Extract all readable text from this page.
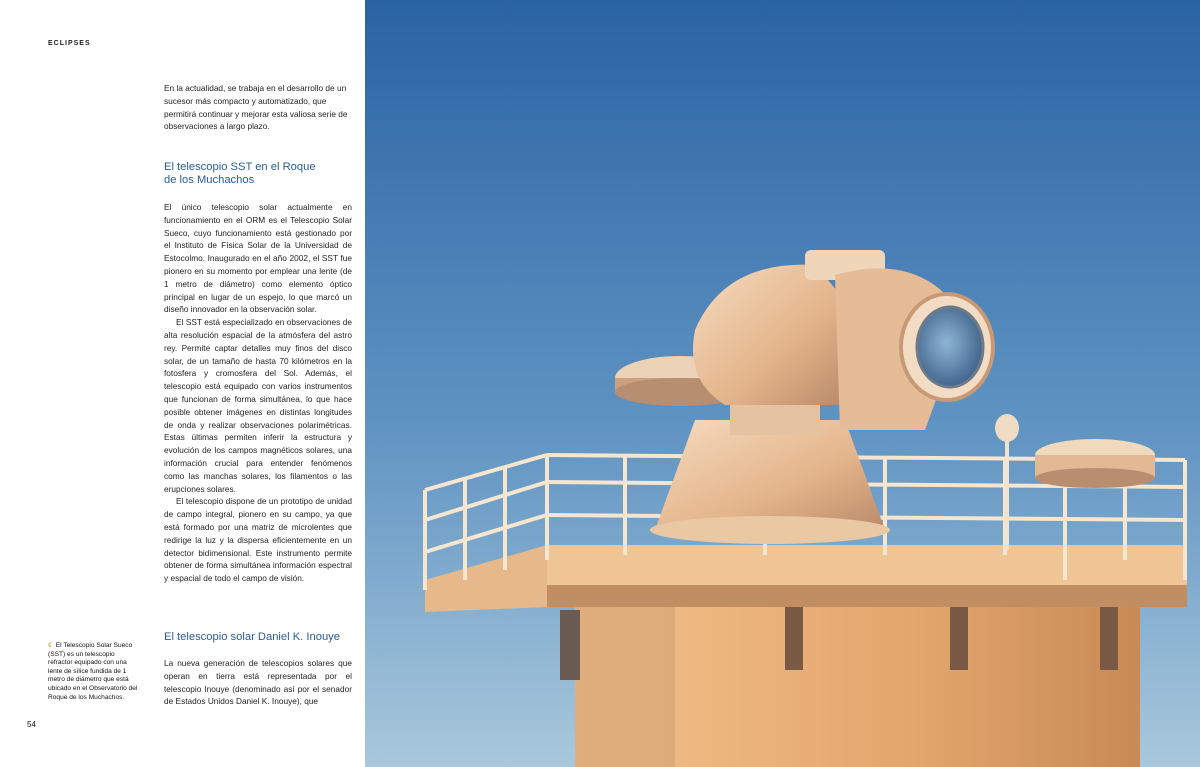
ECLIPSES

En la actualidad, se trabaja en el desarrollo de un sucesor más compacto y automatizado, que permitirá continuar y mejorar esta valiosa serie de observaciones a largo plazo.

El telescopio SST en el Roque
de los Muchachos

El único telescopio solar actualmente en funcionamiento en el ORM es el Telescopio Solar Sueco, cuyo funcionamiento está gestionado por el Instituto de Física Solar de la Universidad de Estocolmo. Inaugurado en el año 2002, el SST fue pionero en su momento por emplear una lente (de 1 metro de diámetro) como elemento óptico principal en lugar de un espejo, lo que marcó un diseño innovador en la observación solar.

El SST está especializado en observaciones de alta resolución espacial de la atmósfera del astro rey. Permite captar detalles muy finos del disco solar, de un tamaño de hasta 70 kilómetros en la fotosfera y cromosfera del Sol. Además, el telescopio está equipado con varios instrumentos que funcionan de forma simultánea, lo que hace posible obtener imágenes en distintas longitudes de onda y realizar observaciones polarimétricas. Estas últimas permiten inferir la estructura y evolución de los campos magnéticos solares, una información crucial para entender fenómenos como las manchas solares, los filamentos o las erupciones solares.

El telescopio dispone de un prototipo de unidad de campo integral, pionero en su campo, ya que está formado por una matriz de microlentes que redirige la luz y la dispersa eficientemente en un detector bidimensional. Este instrumento permite obtener de forma simultánea información espectral y espacial de todo el campo de visión.

El telescopio solar Daniel K. Inouye

La nueva generación de telescopios solares que operan en tierra está representada por el telescopio Inouye (denominado así por el senador de Estados Unidos Daniel K. Inouye), que

☾ El Telescopio Solar Sueco (SST) es un telescopio refractor equipado con una lente de sílice fundida de 1 metro de diámetro que está ubicado en el Observatorio del Roque de los Muchachos.
54
